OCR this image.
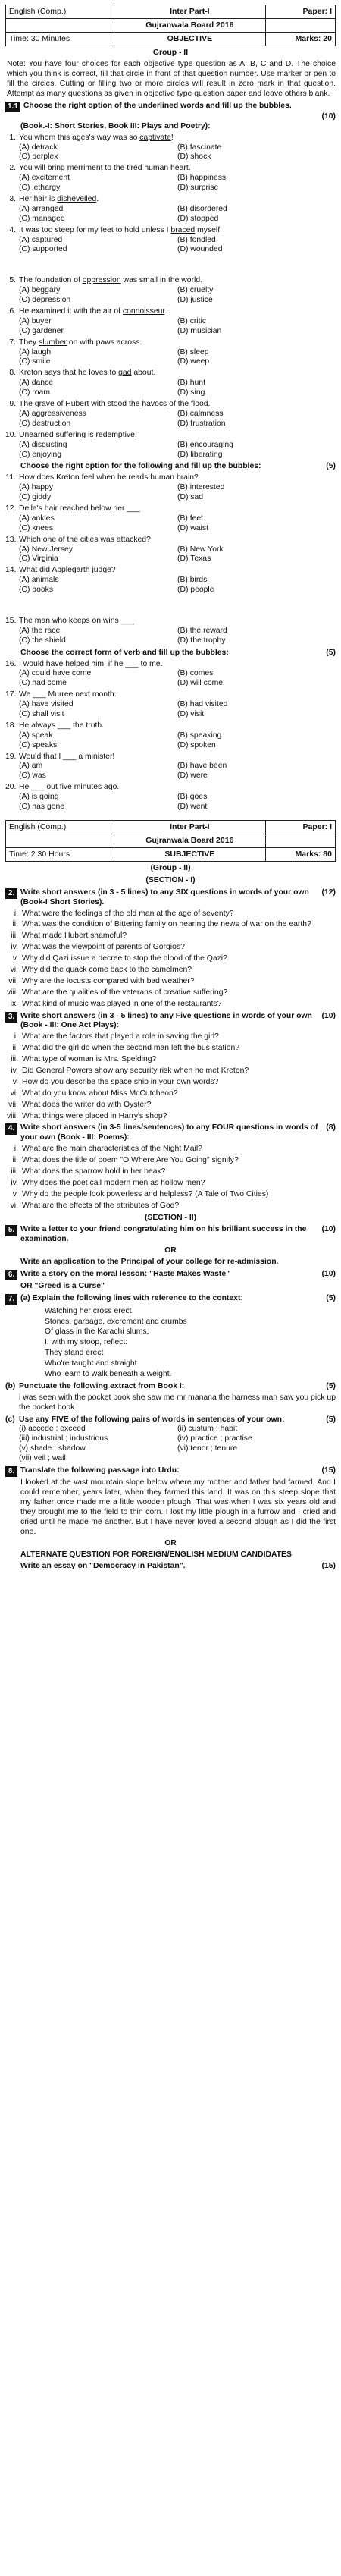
English (Comp.)	Inter Part-I	Paper: I
	Gujranwala Board 2016	
Time: 30 Minutes	OBJECTIVE	Marks: 20
Group - II
Note: You have four choices for each objective type question as A, B, C and D. The choice which you think is correct, fill that circle in front of that question number. Use marker or pen to fill the circles. Cutting or filling two or more circles will result in zero mark in that question. Attempt as many questions as given in objective type question paper and leave others blank.
1.1 Choose the right option of the underlined words and fill up the bubbles.
(10)
(Book.-I: Short Stories, Book III: Plays and Poetry):
1. You whom this ages's way was so captivate!
(A) detrack	(B) fascinate
(C) perplex	(D) shock
2. You will bring merriment to the tired human heart.
(A) excitement	(B) happiness
(C) lethargy	(D) surprise
3. Her hair is dishevelled.
(A) arranged	(B) disordered
(C) managed	(D) stopped
4. It was too steep for my feet to hold unless I braced myself
(A) captured	(B) fondled
(C) supported	(D) wounded
5. The foundation of oppression was small in the world.
(A) beggary	(B) cruelty
(C) depression	(D) justice
6. He examined it with the air of connoisseur.
(A) buyer	(B) critic
(C) gardener	(D) musician
7. They slumber on with paws across.
(A) laugh	(B) sleep
(C) smile	(D) weep
8. Kreton says that he loves to gad about.
(A) dance	(B) hunt
(C) roam	(D) sing
9. The grave of Hubert with stood the havocs of the flood.
(A) aggressiveness	(B) calmness
(C) destruction	(D) frustration
10. Unearned suffering is redemptive.
(A) disgusting	(B) encouraging
(C) enjoying	(D) liberating
Choose the right option for the following and fill up the bubbles:	(5)
11. How does Kreton feel when he reads human brain?
(A) happy	(B) interested
(C) giddy	(D) sad
12. Della's hair reached below her ___
(A) ankles	(B) feet
(C) knees	(D) waist
13. Which one of the cities was attacked?
(A) New Jersey	(B) New York
(C) Virginia	(D) Texas
14. What did Applegarth judge?
(A) animals	(B) birds
(C) books	(D) people
15. The man who keeps on wins ___
(A) the race	(B) the reward
(C) the shield	(D) the trophy
Choose the correct form of verb and fill up the bubbles:	(5)
16. I would have helped him, if he ___ to me.
(A) could have come	(B) comes
(C) had come	(D) will come
17. We ___ Murree next month.
(A) have visited	(B) had visited
(C) shall visit	(D) visit
18. He always ___ the truth.
(A) speak	(B) speaking
(C) speaks	(D) spoken
19. Would that I ___ a minister!
(A) am	(B) have been
(C) was	(D) were
20. He ___ out five minutes ago.
(A) is going	(B) goes
(C) has gone	(D) went
English (Comp.)	Inter Part-I	Paper: I
	Gujranwala Board 2016	
Time: 2.30 Hours	SUBJECTIVE	Marks: 80
(Group - II)
(SECTION - I)
2. Write short answers (in 3 - 5 lines) to any SIX questions in words of your own (Book-I Short Stories).
(12)
i. What were the feelings of the old man at the age of seventy?
ii. What was the condition of Bittering family on hearing the news of war on the earth?
iii. What made Hubert shameful?
iv. What was the viewpoint of parents of Gorgios?
v. Why did Qazi issue a decree to stop the blood of the Qazi?
vi. Why did the quack come back to the camelmen?
vii. Why are the locusts compared with bad weather?
viii. What are the qualities of the veterans of creative suffering?
ix. What kind of music was played in one of the restaurants?
3. Write short answers (in 3 - 5 lines) to any Five questions in words of your own (Book - III: One Act Plays):
(10)
i. What are the factors that played a role in saving the girl?
ii. What did the girl do when the second man left the bus station?
iii. What type of woman is Mrs. Spelding?
iv. Did General Powers show any security risk when he met Kreton?
v. How do you describe the space ship in your own words?
vi. What do you know about Miss McCutcheon?
vii. What does the writer do with Oyster?
viii. What things were placed in Harry's shop?
4. Write short answers (in 3-5 lines/sentences) to any FOUR questions in words of your own (Book - III: Poems):
(8)
i. What are the main characteristics of the Night Mail?
ii. What does the title of poem "O Where Are You Going" signify?
iii. What does the sparrow hold in her beak?
iv. Why does the poet call modern men as hollow men?
v. Why do the people look powerless and helpless? (A Tale of Two Cities)
vi. What are the effects of the attributes of God?
(SECTION - II)
5. Write a letter to your friend congratulating him on his brilliant success in the examination.
(10)
OR
Write an application to the Principal of your college for re-admission.
6. Write a story on the moral lesson: "Haste Makes Waste"	(10)
OR "Greed is a Curse"
7. (a) Explain the following lines with reference to the context:	(5)
Watching her cross erect
Stones, garbage, excrement and crumbs
Of glass in the Karachi slums,
I, with my stoop, reflect:
They stand erect
Who're taught and straight
Who learn to walk beneath a weight.
(b) Punctuate the following extract from Book I:	(5)
i was seen with the pocket book she saw me mr manana the harness man saw you pick up the pocket book
(c) Use any FIVE of the following pairs of words in sentences of your own:	(5)
(i) accede ; exceed	(ii) custum ; habit
(iii) industrial ; industrious	(iv) practice ; practise
(v) shade ; shadow	(vi) tenor ; tenure
(vii) veil ; wail
8. Translate the following passage into Urdu:	(15)
I looked at the vast mountain slope below where my mother and father had farmed. And I could remember, years later, when they farmed this land. It was on this steep slope that my father once made me a little wooden plough. That was when I was six years old and they brought me to the field to thin corn. I lost my little plough in a furrow and I cried and cried until he made me another. But I have never loved a second plough as I did the first one.
OR
ALTERNATE QUESTION FOR FOREIGN/ENGLISH MEDIUM CANDIDATES
Write an essay on "Democracy in Pakistan".	(15)
